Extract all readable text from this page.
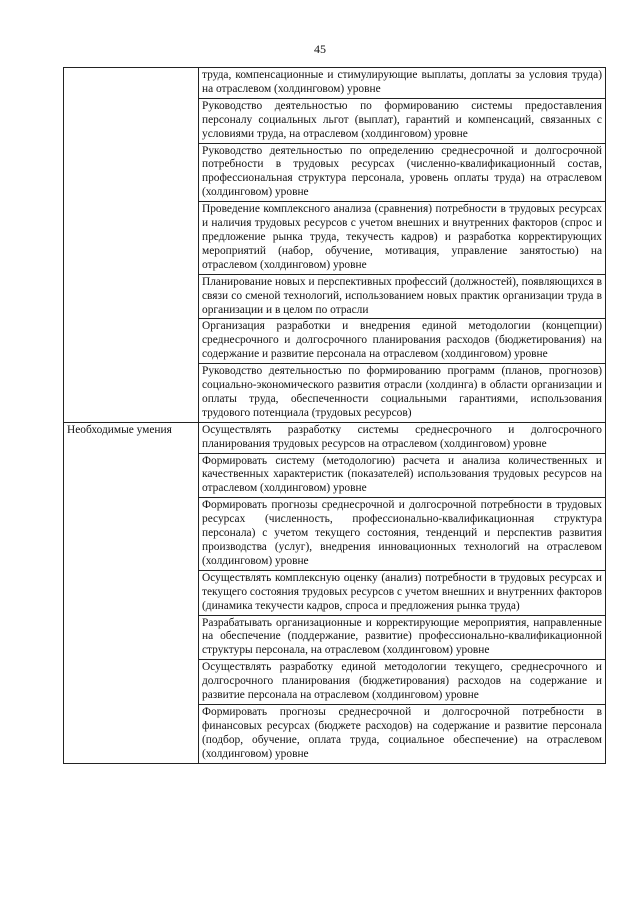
45
	труда, компенсационные и стимулирующие выплаты, доплаты за условия труда) на отраслевом (холдинговом) уровне
	Руководство деятельностью по формированию системы предоставления персоналу социальных льгот (выплат), гарантий и компенсаций, связанных с условиями труда, на отраслевом (холдинговом) уровне
	Руководство деятельностью по определению среднесрочной и долгосрочной потребности в трудовых ресурсах (численно-квалификационный состав, профессиональная структура персонала, уровень оплаты труда) на отраслевом (холдинговом) уровне
	Проведение комплексного анализа (сравнения) потребности в трудовых ресурсах и наличия трудовых ресурсов с учетом внешних и внутренних факторов (спрос и предложение рынка труда, текучесть кадров) и разработка корректирующих мероприятий (набор, обучение, мотивация, управление занятостью) на отраслевом (холдинговом) уровне
	Планирование новых и перспективных профессий (должностей), появляющихся в связи со сменой технологий, использованием новых практик организации труда в организации и в целом по отрасли
	Организация разработки и внедрения единой методологии (концепции) среднесрочного и долгосрочного планирования расходов (бюджетирования) на содержание и развитие персонала на отраслевом (холдинговом) уровне
	Руководство деятельностью по формированию программ (планов, прогнозов) социально-экономического развития отрасли (холдинга) в области организации и оплаты труда, обеспеченности социальными гарантиями, использования трудового потенциала (трудовых ресурсов)
Необходимые умения	Осуществлять разработку системы среднесрочного и долгосрочного планирования трудовых ресурсов на отраслевом (холдинговом) уровне
	Формировать систему (методологию) расчета и анализа количественных и качественных характеристик (показателей) использования трудовых ресурсов на отраслевом (холдинговом) уровне
	Формировать прогнозы среднесрочной и долгосрочной потребности в трудовых ресурсах (численность, профессионально-квалификационная структура персонала) с учетом текущего состояния, тенденций и перспектив развития производства (услуг), внедрения инновационных технологий на отраслевом (холдинговом) уровне
	Осуществлять комплексную оценку (анализ) потребности в трудовых ресурсах и текущего состояния трудовых ресурсов с учетом внешних и внутренних факторов (динамика текучести кадров, спроса и предложения рынка труда)
	Разрабатывать организационные и корректирующие мероприятия, направленные на обеспечение (поддержание, развитие) профессионально-квалификационной структуры персонала, на отраслевом (холдинговом) уровне
	Осуществлять разработку единой методологии текущего, среднесрочного и долгосрочного планирования (бюджетирования) расходов на содержание и развитие персонала на отраслевом (холдинговом) уровне
	Формировать прогнозы среднесрочной и долгосрочной потребности в финансовых ресурсах (бюджете расходов) на содержание и развитие персонала (подбор, обучение, оплата труда, социальное обеспечение) на отраслевом (холдинговом) уровне
